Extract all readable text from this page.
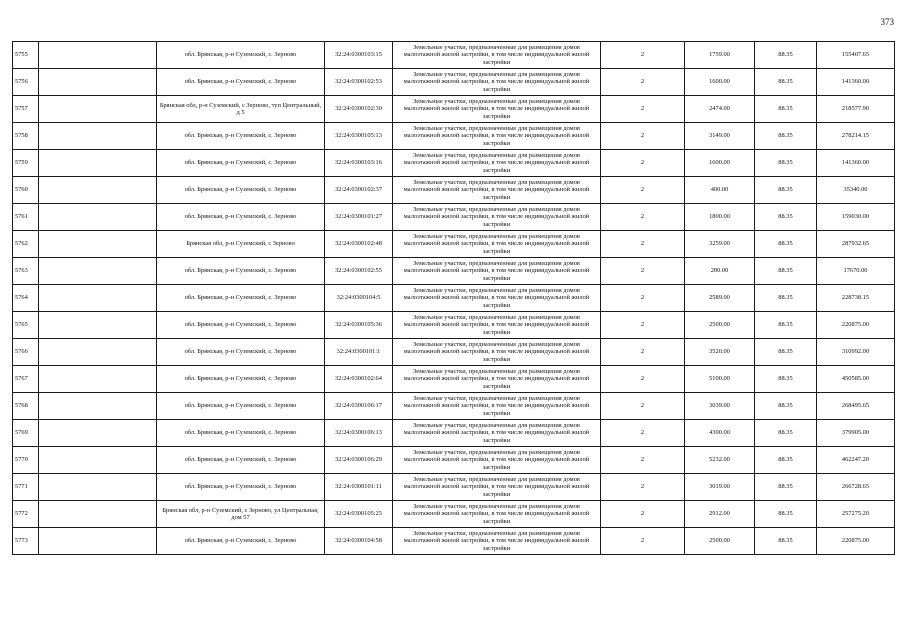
373
5755		обл. Брянская, р-н Суземский, с. Зерново	32:24:0300103:15	Земельные участки, предназначенные для размещения домов малоэтажной жилой застройки, в том числе индивидуальной жилой застройки	2	1759.00	88.35	155407.65
5756		обл. Брянская, р-н Суземский, с. Зерново	32:24:0300102:53	Земельные участки, предназначенные для размещения домов малоэтажной жилой застройки, в том числе индивидуальной жилой застройки	2	1600.00	88.35	141360.00
5757		Брянская обл, р-н Суземский, с Зерново, туп Центральный, д 5	32:24:0300102:30	Земельные участки, предназначенные для размещения домов малоэтажной жилой застройки, в том числе индивидуальной жилой застройки	2	2474.00	88.35	218577.90
5758		обл. Брянская, р-н Суземский, с. Зерново	32:24:0300105:13	Земельные участки, предназначенные для размещения домов малоэтажной жилой застройки, в том числе индивидуальной жилой застройки	2	3149.00	88.35	278214.15
5759		обл. Брянская, р-н Суземский, с. Зерново	32:24:0300103:16	Земельные участки, предназначенные для размещения домов малоэтажной жилой застройки, в том числе индивидуальной жилой застройки	2	1600.00	88.35	141360.00
5760		обл. Брянская, р-н Суземский, с. Зерново	32:24:0300102:37	Земельные участки, предназначенные для размещения домов малоэтажной жилой застройки, в том числе индивидуальной жилой застройки	2	400.00	88.35	35340.00
5761		обл. Брянская, р-н Суземский, с. Зерново	32:24:0300101:27	Земельные участки, предназначенные для размещения домов малоэтажной жилой застройки, в том числе индивидуальной жилой застройки	2	1800.00	88.35	159030.00
5762		Брянская обл, р-н Суземский, с Зерново	32:24:0300102:48	Земельные участки, предназначенные для размещения домов малоэтажной жилой застройки, в том числе индивидуальной жилой застройки	2	3259.00	88.35	287932.65
5763		обл. Брянская, р-н Суземский, с. Зерново	32:24:0300102:55	Земельные участки, предназначенные для размещения домов малоэтажной жилой застройки, в том числе индивидуальной жилой застройки	2	200.00	88.35	17670.00
5764		обл. Брянская, р-н Суземский, с. Зерново	32:24:0300104:5	Земельные участки, предназначенные для размещения домов малоэтажной жилой застройки, в том числе индивидуальной жилой застройки	2	2589.00	88.35	228738.15
5765		обл. Брянская, р-н Суземский, с. Зерново	32:24:0300105:36	Земельные участки, предназначенные для размещения домов малоэтажной жилой застройки, в том числе индивидуальной жилой застройки	2	2500.00	88.35	220875.00
5766		обл. Брянская, р-н Суземский, с. Зерново	32:24:0300101:1	Земельные участки, предназначенные для размещения домов малоэтажной жилой застройки, в том числе индивидуальной жилой застройки	2	3520.00	88.35	310992.00
5767		обл. Брянская, р-н Суземский, с. Зерново	32:24:0300102:64	Земельные участки, предназначенные для размещения домов малоэтажной жилой застройки, в том числе индивидуальной жилой застройки	2	5100.00	88.35	450585.00
5768		обл. Брянская, р-н Суземский, с. Зерново	32:24:0300106:17	Земельные участки, предназначенные для размещения домов малоэтажной жилой застройки, в том числе индивидуальной жилой застройки	2	3039.00	88.35	268495.65
5769		обл. Брянская, р-н Суземский, с. Зерново	32:24:0300106:13	Земельные участки, предназначенные для размещения домов малоэтажной жилой застройки, в том числе индивидуальной жилой застройки	2	4300.00	88.35	379905.00
5770		обл. Брянская, р-н Суземский, с. Зерново	32:24:0300106:29	Земельные участки, предназначенные для размещения домов малоэтажной жилой застройки, в том числе индивидуальной жилой застройки	2	5232.00	88.35	462247.20
5771		обл. Брянская, р-н Суземский, с. Зерново	32:24:0300101:11	Земельные участки, предназначенные для размещения домов малоэтажной жилой застройки, в том числе индивидуальной жилой застройки	2	3019.00	88.35	266728.65
5772		Брянская обл, р-н Суземский, с Зерново, ул Центральная, дом 57	32:24:0300105:25	Земельные участки, предназначенные для размещения домов малоэтажной жилой застройки, в том числе индивидуальной жилой застройки	2	2912.00	88.35	257275.20
5773		обл. Брянская, р-н Суземский, с. Зерново	32:24:0300104:58	Земельные участки, предназначенные для размещения домов малоэтажной жилой застройки, в том числе индивидуальной жилой застройки	2	2500.00	88.35	220875.00
